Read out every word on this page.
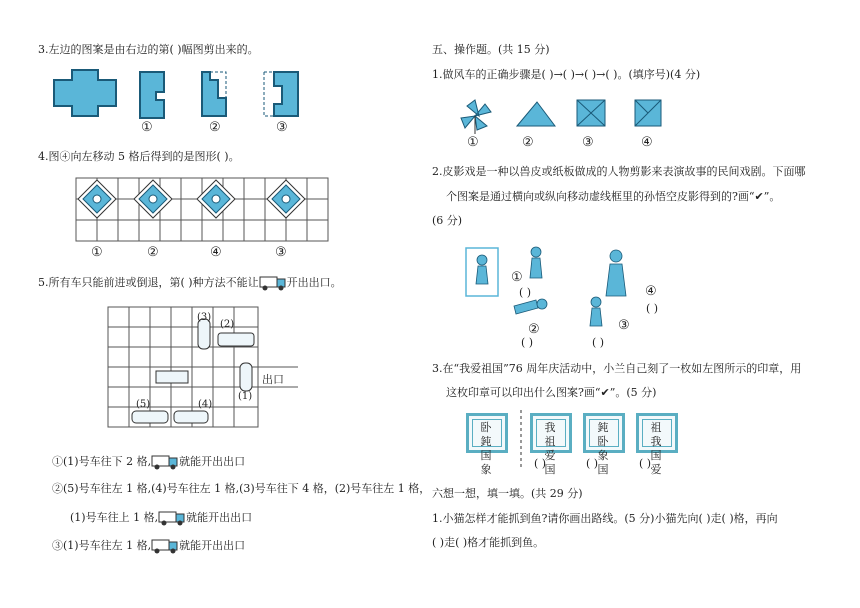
3.左边的图案是由右边的第( )幅图剪出来的。
①	②	③
4.图④向左移动 5 格后得到的是图形( )。
①	②	④	③
5.所有车只能前进或倒退，第( )种方法不能让	开出出口。
(3)
(2)
(1)
(5)	(4)
出口
①(1)号车往下 2 格,	就能开出出口
②(5)号车往左 1 格,(4)号车往左 1 格,(3)号车往下 4 格，(2)号车往左 1 格，
(1)号车往上 1 格,	就能开出出口
③(1)号车往左 1 格,	就能开出出口
五、操作题。(共 15 分)
1.做风车的正确步骤是( )→( )→( )→( )。(填序号)(4 分)
①	②	③	④
2.皮影戏是一种以兽皮或纸板做成的人物剪影来表演故事的民间戏剧。下面哪
个图案是通过横向或纵向移动虚线框里的孙悟空皮影得到的?画“✔”。
(6 分)
①
( )
②
( )
③
( )
④
( )
3.在“我爱祖国”76 周年庆活动中，小兰自己刻了一枚如左图所示的印章，用
这枚印章可以印出什么图案?画“✔”。(5 分)
卧 鈍
国 象
我 祖
爱 国
鈍 卧
象 国
祖 我
国 爱
( )	( )	( )
六想一想，填一填。(共 29 分)
1.小猫怎样才能抓到鱼?请你画出路线。(5 分)小猫先向( )走( )格，再向
( )走( )格才能抓到鱼。
